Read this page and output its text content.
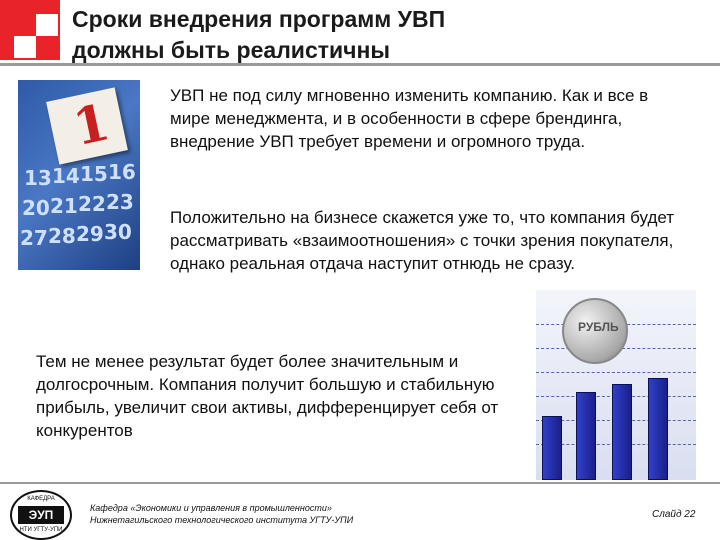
Сроки внедрения программ УВП
должны быть реалистичны
13 14 15 16
20 21 22 23
27 28 29 30
1	УВП не под силу мгновенно изменить компанию. Как и все в мире менеджмента, и в особенности в сфере брендинга, внедрение УВП требует времени и огромного труда.

Положительно на бизнесе скажется уже то, что компания будет рассматривать «взаимоотношения» с точки зрения покупателя, однако реальная отдача наступит отнюдь не сразу.

Тем не менее результат будет более значительным и долгосрочным. Компания получит большую и стабильную прибыль, увеличит свои активы, дифференцирует себя от конкурентов

РУБЛЬ
КАФЕДРА
ЭУП
НТИ УГТУ-УПИ
Кафедра «Экономики и управления в промышленности»
Нижнетагильского технологического института УГТУ-УПИ	Слайд 22
